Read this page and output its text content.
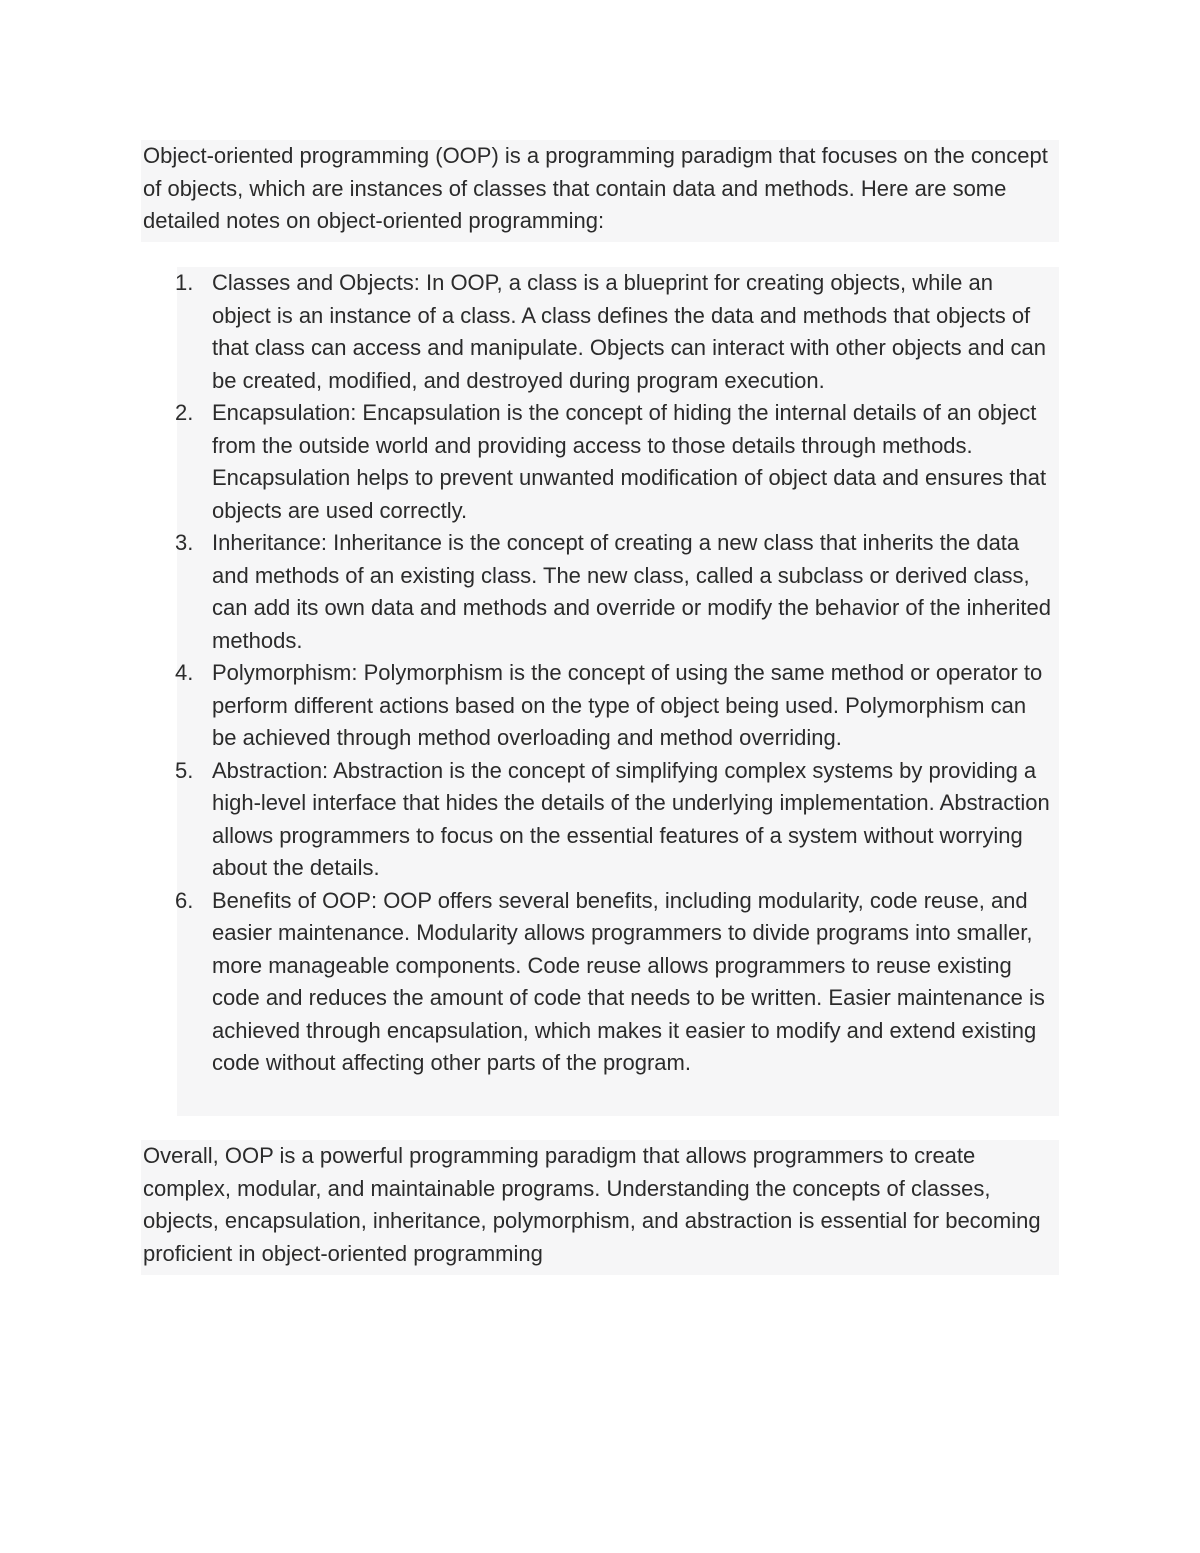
Object-oriented programming (OOP) is a programming paradigm that focuses on the concept of objects, which are instances of classes that contain data and methods. Here are some detailed notes on object-oriented programming:

1. Classes and Objects: In OOP, a class is a blueprint for creating objects, while an object is an instance of a class. A class defines the data and methods that objects of that class can access and manipulate. Objects can interact with other objects and can be created, modified, and destroyed during program execution.
2. Encapsulation: Encapsulation is the concept of hiding the internal details of an object from the outside world and providing access to those details through methods. Encapsulation helps to prevent unwanted modification of object data and ensures that objects are used correctly.
3. Inheritance: Inheritance is the concept of creating a new class that inherits the data and methods of an existing class. The new class, called a subclass or derived class, can add its own data and methods and override or modify the behavior of the inherited methods.
4. Polymorphism: Polymorphism is the concept of using the same method or operator to perform different actions based on the type of object being used. Polymorphism can be achieved through method overloading and method overriding.
5. Abstraction: Abstraction is the concept of simplifying complex systems by providing a high-level interface that hides the details of the underlying implementation. Abstraction allows programmers to focus on the essential features of a system without worrying about the details.
6. Benefits of OOP: OOP offers several benefits, including modularity, code reuse, and easier maintenance. Modularity allows programmers to divide programs into smaller, more manageable components. Code reuse allows programmers to reuse existing code and reduces the amount of code that needs to be written. Easier maintenance is achieved through encapsulation, which makes it easier to modify and extend existing code without affecting other parts of the program.

Overall, OOP is a powerful programming paradigm that allows programmers to create complex, modular, and maintainable programs. Understanding the concepts of classes, objects, encapsulation, inheritance, polymorphism, and abstraction is essential for becoming proficient in object-oriented programming
